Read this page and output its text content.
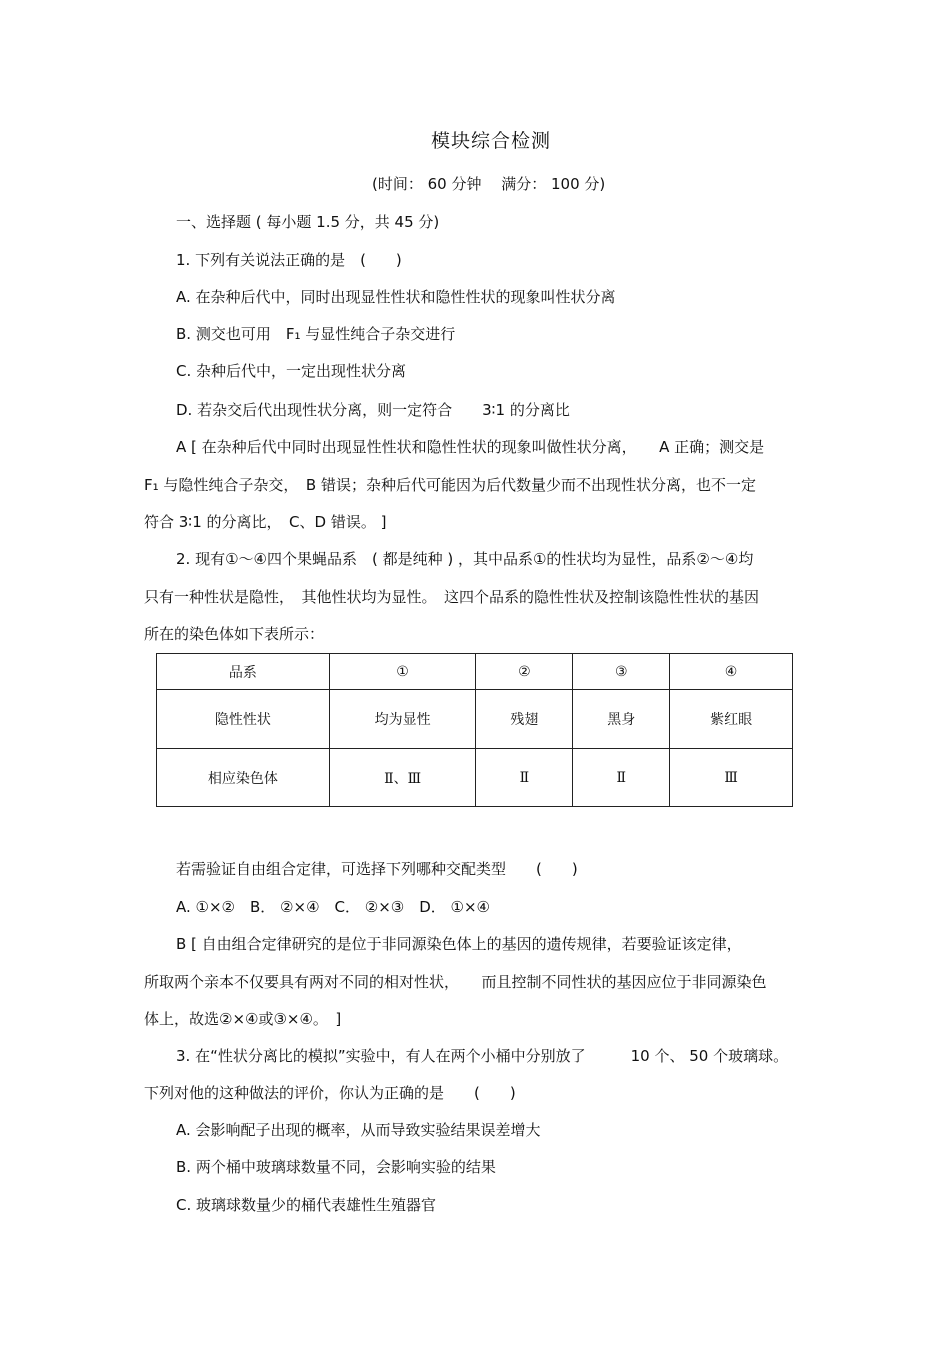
模块综合检测
(时间： 60 分钟　 满分： 100 分)
一、选择题 ( 每小题 1.5 分，共 45 分)
1. 下列有关说法正确的是　(　　)
A. 在杂种后代中，同时出现显性性状和隐性性状的现象叫性状分离
B. 测交也可用　F₁ 与显性纯合子杂交进行
C. 杂种后代中，一定出现性状分离
D. 若杂交后代出现性状分离，则一定符合　　3∶1 的分离比
A [ 在杂种后代中同时出现显性性状和隐性性状的现象叫做性状分离，　　A 正确；测交是
F₁ 与隐性纯合子杂交，　B 错误；杂种后代可能因为后代数量少而不出现性状分离，也不一定
符合 3∶1 的分离比，　C、D 错误。 ]
2. 现有①～④四个果蝇品系　( 都是纯种 ) ，其中品系①的性状均为显性，品系②～④均
只有一种性状是隐性，　其他性状均为显性。　这四个品系的隐性性状及控制该隐性性状的基因
所在的染色体如下表所示：
品系	①	②	③	④
隐性性状	均为显性	残翅	黑身	紫红眼
相应染色体	Ⅱ、Ⅲ	Ⅱ	Ⅱ	Ⅲ
若需验证自由组合定律，可选择下列哪种交配类型　　(　　)
A. ①×②　B． ②×④　C． ②×③　D． ①×④
B [ 自由组合定律研究的是位于非同源染色体上的基因的遗传规律，若要验证该定律，
所取两个亲本不仅要具有两对不同的相对性状，　　而且控制不同性状的基因应位于非同源染色
体上，故选②×④或③×④。　]
3. 在“性状分离比的模拟”实验中，有人在两个小桶中分别放了　　　10 个、 50 个玻璃球。
下列对他的这种做法的评价，你认为正确的是　　(　　)
A. 会影响配子出现的概率，从而导致实验结果误差增大
B. 两个桶中玻璃球数量不同，会影响实验的结果
C. 玻璃球数量少的桶代表雄性生殖器官
